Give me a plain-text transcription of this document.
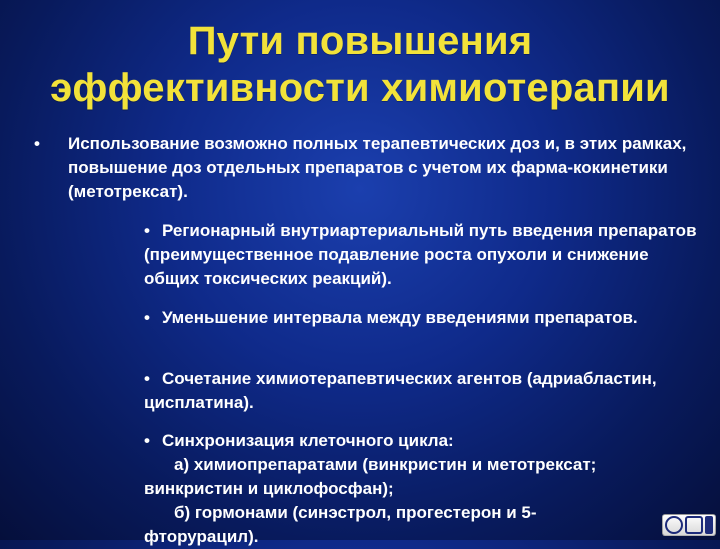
Пути повышения
эффективности химиотерапии
• Использование возможно полных терапевтических доз и, в этих рамках, повышение доз отдельных препаратов с учетом их фарма-кокинетики (метотрексат).
• Регионарный внутриартериальный путь введения препаратов (преимущественное подавление роста опухоли и снижение общих токсических реакций).
• Уменьшение интервала между введениями препаратов.
• Сочетание химиотерапевтических агентов (адриабластин, цисплатина).
• Синхронизация клеточного цикла:
а) химиопрепаратами (винкристин и метотрексат;
винкристин и циклофосфан);
б) гормонами (синэстрол, прогестерон и 5-
фторурацил).
